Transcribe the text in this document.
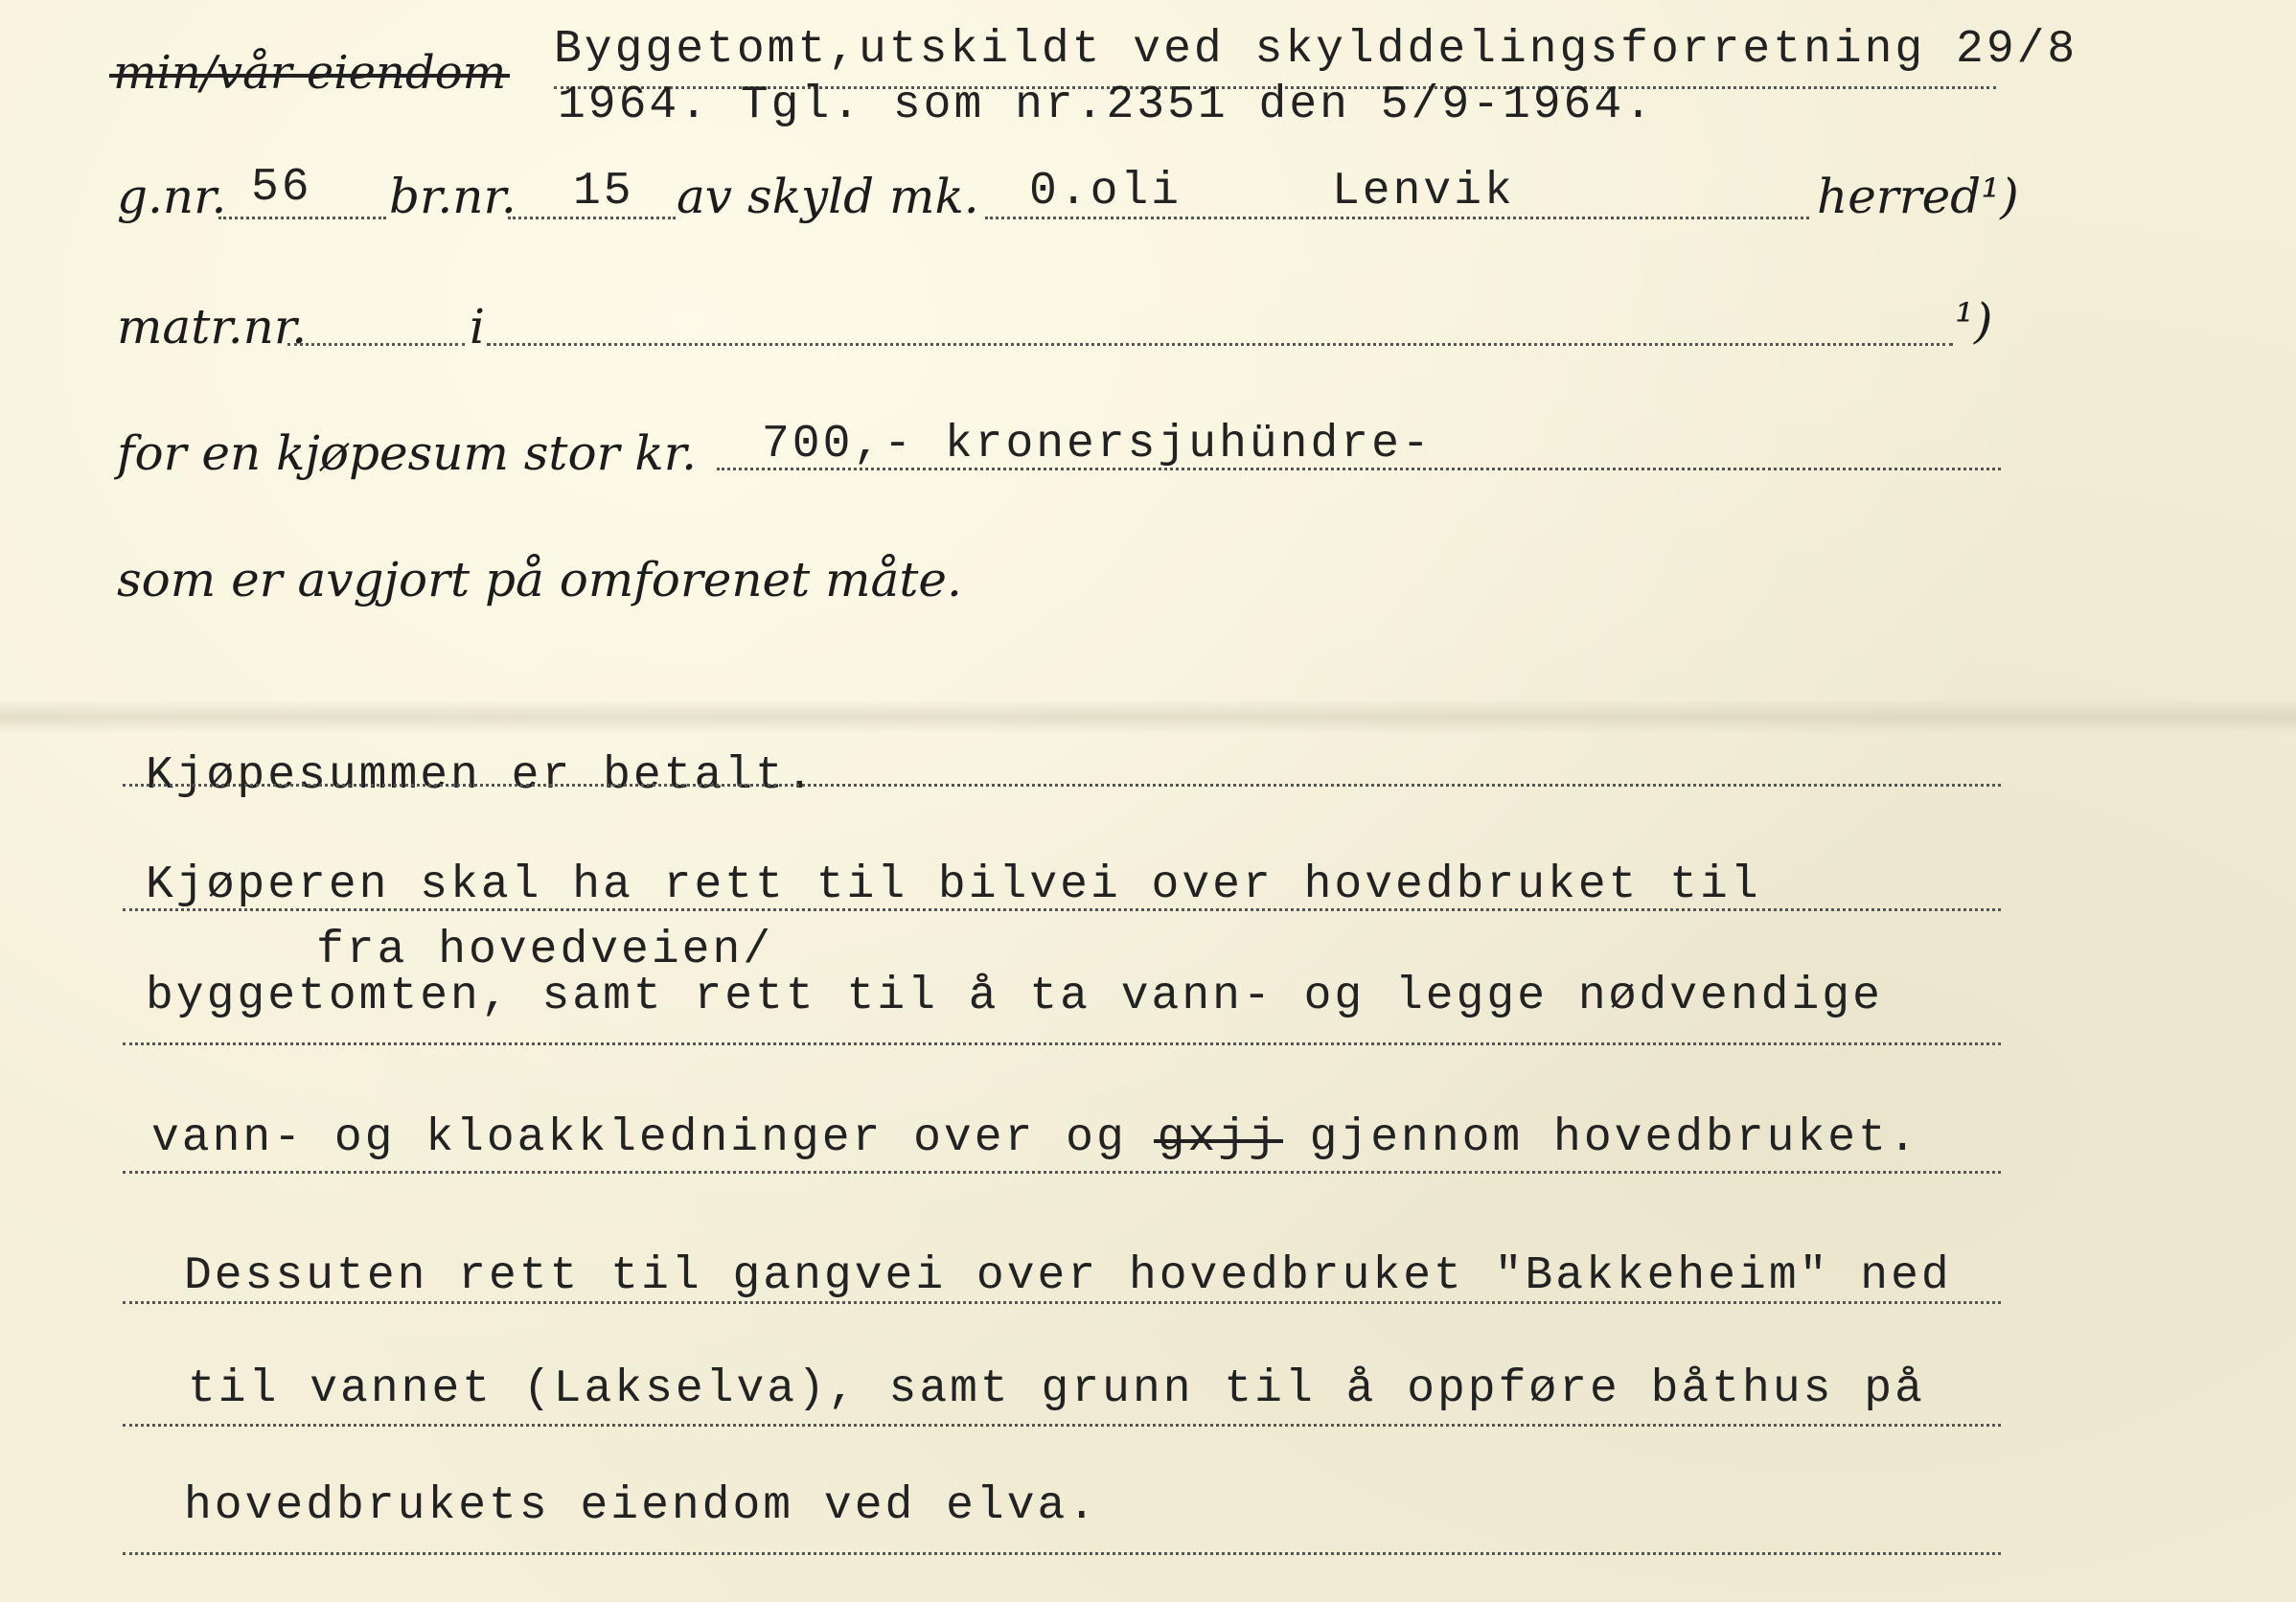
min/vår eiendom Byggetomt,utskildt ved skylddelingsforretning 29/8
1964. Tgl. som nr.2351 den 5/9-1964.
g.nr. 56 br.nr. 15 av skyld mk. 0.oli	Lenvik	herred¹)
matr.nr.	i	¹)
for en kjøpesum stor kr. 700,- kronersjuhündre-
som er avgjort på omforenet måte.
Kjøpesummen er betalt.
Kjøperen skal ha rett til bilvei over hovedbruket til
fra hovedveien/
byggetomten, samt rett til å ta vann- og legge nødvendige
vann- og kloakkledninger over og gxjj gjennom hovedbruket.
Dessuten rett til gangvei over hovedbruket "Bakkeheim" ned
til vannet (Lakselva), samt grunn til å oppføre båthus på
hovedbrukets eiendom ved elva.
